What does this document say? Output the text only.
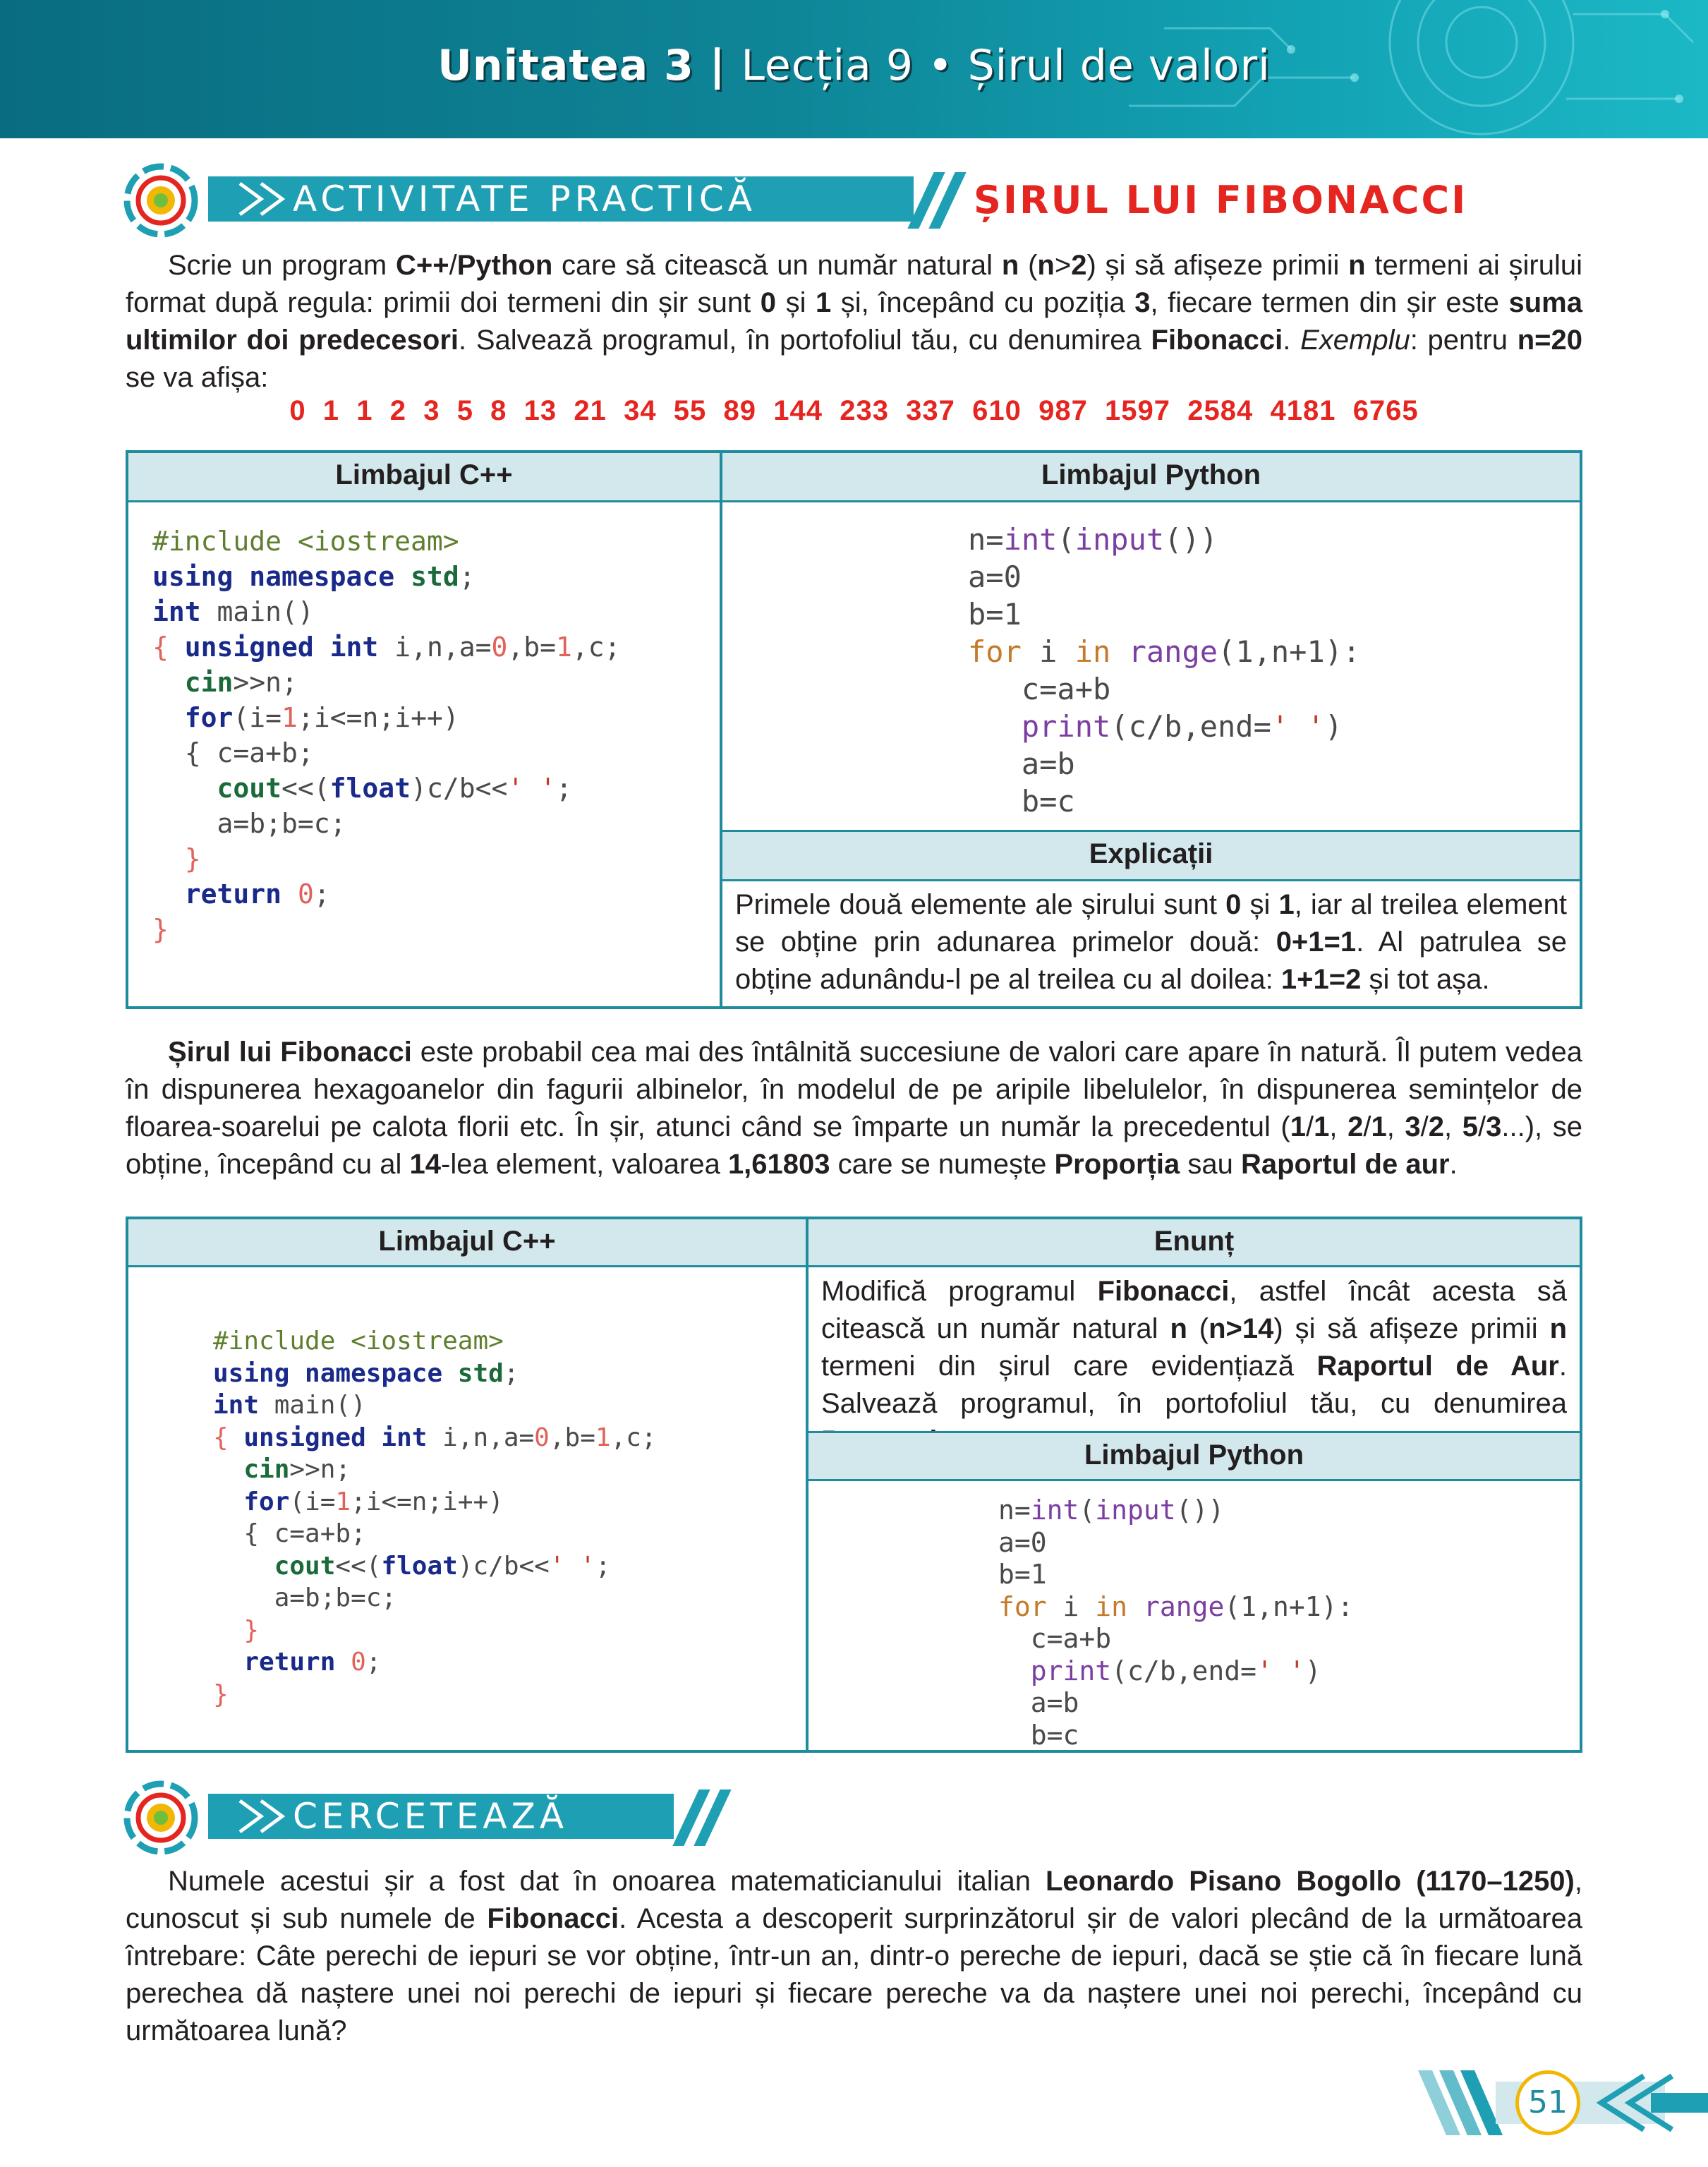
Unitatea 3 | Lecția 9 • Șirul de valori
ACTIVITATE PRACTICĂ	ȘIRUL LUI FIBONACCI
Scrie un program C++/Python care să citească un număr natural n (n>2) și să afișeze primii n termeni ai șirului format după regula: primii doi termeni din șir sunt 0 și 1 și, începând cu poziția 3, fiecare termen din șir este suma ultimilor doi predecesori. Salvează programul, în portofoliul tău, cu denumirea Fibonacci. Exemplu: pentru n=20 se va afișa:
0  1  1  2  3  5  8  13  21  34  55  89  144  233  337  610  987  1597  2584  4181  6765
Limbajul C++	Limbajul Python
#include <iostream>
using namespace std;
int main()
{ unsigned int i,n,a=0,b=1,c;
cin>>n;
for(i=1;i<=n;i++)
{ c=a+b;
cout<<(float)c/b<<' ';
a=b;b=c;
}
return 0;
}
n=int(input())
a=0
b=1
for i in range(1,n+1):
c=a+b
print(c/b,end=' ')
a=b
b=c
Explicații
Primele două elemente ale șirului sunt 0 și 1, iar al treilea element se obține prin adunarea primelor două: 0+1=1. Al patrulea se obține adunându-l pe al treilea cu al doilea: 1+1=2 și tot așa.
Șirul lui Fibonacci este probabil cea mai des întâlnită succesiune de valori care apare în natură. Îl putem vedea în dispunerea hexagoanelor din fagurii albinelor, în modelul de pe aripile libelulelor, în dispunerea semințelor de floarea-soarelui pe calota florii etc. În șir, atunci când se împarte un număr la precedentul (1/1, 2/1, 3/2, 5/3...), se obține, începând cu al 14-lea element, valoarea 1,61803 care se numește Proporția sau Raportul de aur.
Limbajul C++	Enunț
#include <iostream>
using namespace std;
int main()
{ unsigned int i,n,a=0,b=1,c;
cin>>n;
for(i=1;i<=n;i++)
{ c=a+b;
cout<<(float)c/b<<' ';
a=b;b=c;
}
return 0;
}
Modifică programul Fibonacci, astfel încât acesta să citească un număr natural n (n>14) și să afișeze primii n termeni din șirul care evidențiază Raportul de Aur. Salvează programul, în portofoliul tău, cu denumirea
Limbajul Python
n=int(input())
a=0
b=1
for i in range(1,n+1):
c=a+b
print(c/b,end=' ')
a=b
b=c
CERCETEAZĂ
Numele acestui șir a fost dat în onoarea matematicianului italian Leonardo Pisano Bogollo (1170–1250), cunoscut și sub numele de Fibonacci. Acesta a descoperit surprinzătorul șir de valori plecând de la următoarea întrebare: Câte perechi de iepuri se vor obține, într-un an, dintr-o pereche de iepuri, dacă se știe că în fiecare lună perechea dă naștere unei noi perechi de iepuri și fiecare pereche va da naștere unei noi perechi, începând cu următoarea lună?
51
